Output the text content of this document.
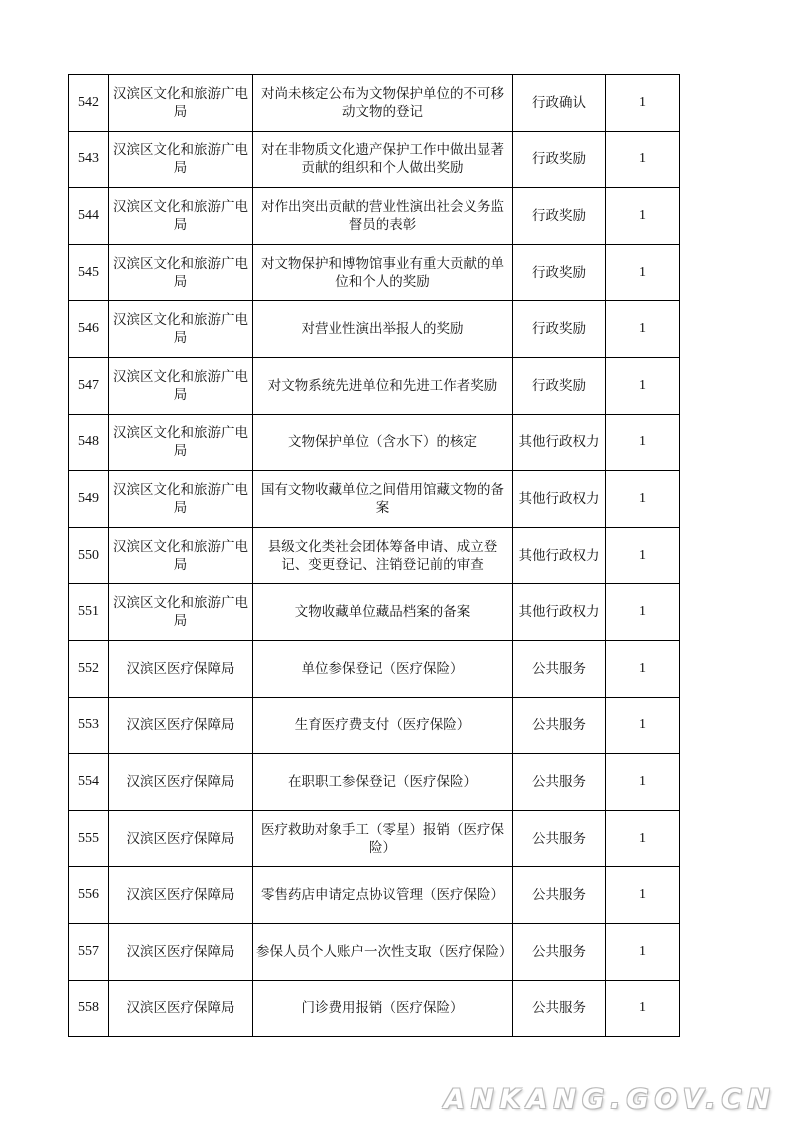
542	汉滨区文化和旅游广电局	对尚未核定公布为文物保护单位的不可移动文物的登记	行政确认	1
543	汉滨区文化和旅游广电局	对在非物质文化遗产保护工作中做出显著贡献的组织和个人做出奖励	行政奖励	1
544	汉滨区文化和旅游广电局	对作出突出贡献的营业性演出社会义务监督员的表彰	行政奖励	1
545	汉滨区文化和旅游广电局	对文物保护和博物馆事业有重大贡献的单位和个人的奖励	行政奖励	1
546	汉滨区文化和旅游广电局	对营业性演出举报人的奖励	行政奖励	1
547	汉滨区文化和旅游广电局	对文物系统先进单位和先进工作者奖励	行政奖励	1
548	汉滨区文化和旅游广电局	文物保护单位（含水下）的核定	其他行政权力	1
549	汉滨区文化和旅游广电局	国有文物收藏单位之间借用馆藏文物的备案	其他行政权力	1
550	汉滨区文化和旅游广电局	县级文化类社会团体筹备申请、成立登记、变更登记、注销登记前的审查	其他行政权力	1
551	汉滨区文化和旅游广电局	文物收藏单位藏品档案的备案	其他行政权力	1
552	汉滨区医疗保障局	单位参保登记（医疗保险）	公共服务	1
553	汉滨区医疗保障局	生育医疗费支付（医疗保险）	公共服务	1
554	汉滨区医疗保障局	在职职工参保登记（医疗保险）	公共服务	1
555	汉滨区医疗保障局	医疗救助对象手工（零星）报销（医疗保险）	公共服务	1
556	汉滨区医疗保障局	零售药店申请定点协议管理（医疗保险）	公共服务	1
557	汉滨区医疗保障局	参保人员个人账户一次性支取（医疗保险）	公共服务	1
558	汉滨区医疗保障局	门诊费用报销（医疗保险）	公共服务	1
ANKANG.GOV.CN
